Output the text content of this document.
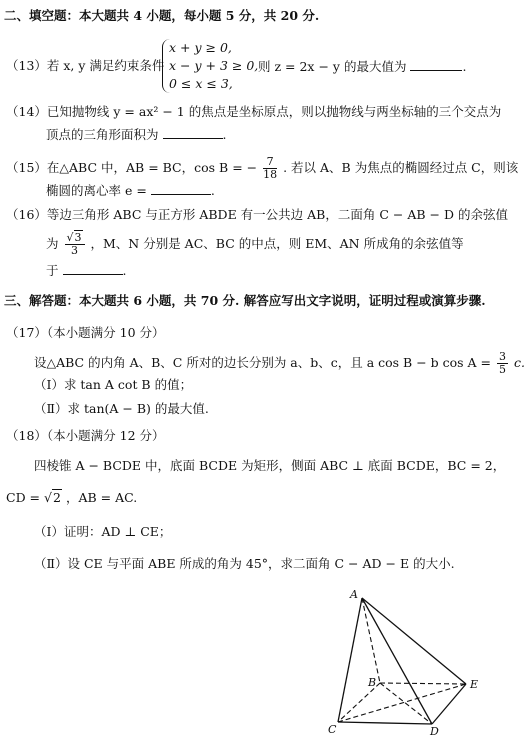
二、填空题：本大题共 4 小题，每小题 5 分，共 20 分.
（13）若 x, y 满足约束条件
x + y ≥ 0,
x − y + 3 ≥ 0,
0 ≤ x ≤ 3,
则 z = 2x − y 的最大值为	.
（14）已知抛物线 y = ax² − 1 的焦点是坐标原点，则以抛物线与两坐标轴的三个交点为
顶点的三角形面积为	.
（15）在△ABC 中，AB = BC，cos B = − $\frac{7}{18}$ . 若以 A、B 为焦点的椭圆经过点 C，则该
椭圆的离心率 e =	.
（16）等边三角形 ABC 与正方形 ABDE 有一公共边 AB，二面角 C − AB − D 的余弦值
为 $\frac{√3}{3}$ ，M、N 分别是 AC、BC 的中点，则 EM、AN 所成角的余弦值等
于	.
三、解答题：本大题共 6 小题，共 70 分. 解答应写出文字说明，证明过程或演算步骤.
（17）（本小题满分 10 分）
设△ABC 的内角 A、B、C 所对的边长分别为 a、b、c，且 a cos B − b $\cos A = \frac{3}{5} c$.
（Ⅰ）求 tan A cot B 的值；
（Ⅱ）求 tan(A − B) 的最大值.
（18）（本小题满分 12 分）
四棱锥 A − BCDE 中，底面 BCDE 为矩形，侧面 ABC ⊥ 底面 BCDE，BC = 2，
CD = √2 ，AB = AC.
（Ⅰ）证明：AD ⊥ CE；
（Ⅱ）设 CE 与平面 ABE 所成的角为 45°，求二面角 C − AD − E 的大小.
A
B
C	D
E
